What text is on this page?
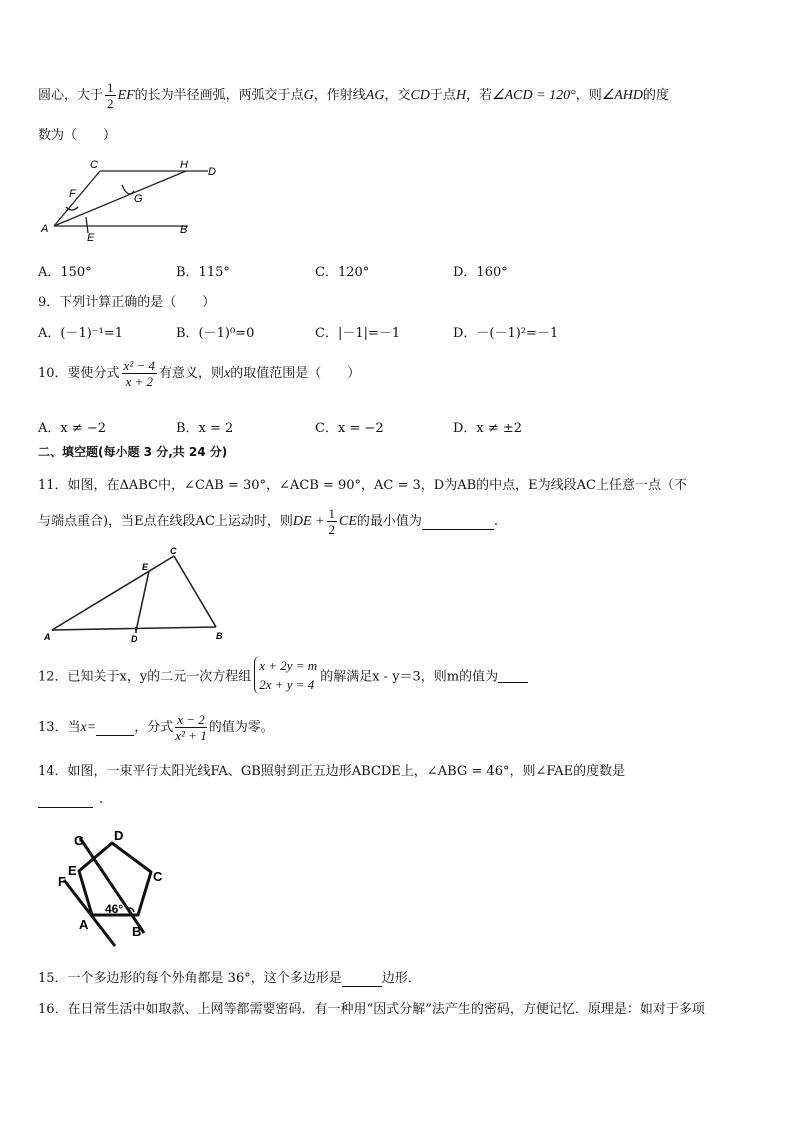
圆心，大于 $\frac{1}{2}$ EF的长为半径画弧，两弧交于点G，作射线AG，交CD于点H，若∠ACD = 120°，则∠AHD的度
数为（　　）
C	H
D
F	G
A
E
B
A．150°	B．115°	C．120°	D．160°
9．下列计算正确的是（　　）
A．(－1)⁻¹=1	B．(－1)⁰=0	C．|－1|=－1	D．－(－1)²=－1
10．要使分式 $\frac{\text{x² − 4}}{x + 2}$ 有意义，则x的取值范围是（　　）
A．x ≠ −2	B．x = 2	C．x = −2	D．x ≠ ±2
二、填空题(每小题 3 分,共 24 分)
11．如图，在ΔABC中，∠CAB = 30°，∠ACB = 90°，AC = 3，D为AB的中点，E为线段AC上任意一点（不
与端点重合)，当E点在线段AC上运动时，则DE + $\frac{1}{2}$ CE的最小值为	.
A	B
C
D
E
12．已知关于x，y的二元一次方程组
x + 2y = m
2x + y = 4 的解满足x - y＝3，则m的值为
13．当x=	，分式 $\frac{x - 2}{\text{x² + 1}}$ 的值为零。
14．如图，一束平行太阳光线FA、GB照射到正五边形ABCDE上，∠ABG = 46°，则∠FAE的度数是
.
G D
E	C
F
46°
A	B
15．一个多边形的每个外角都是 36°，这个多边形是	边形．
16．在日常生活中如取款、上网等都需要密码．有一种用“因式分解”法产生的密码，方便记忆．原理是：如对于多项
